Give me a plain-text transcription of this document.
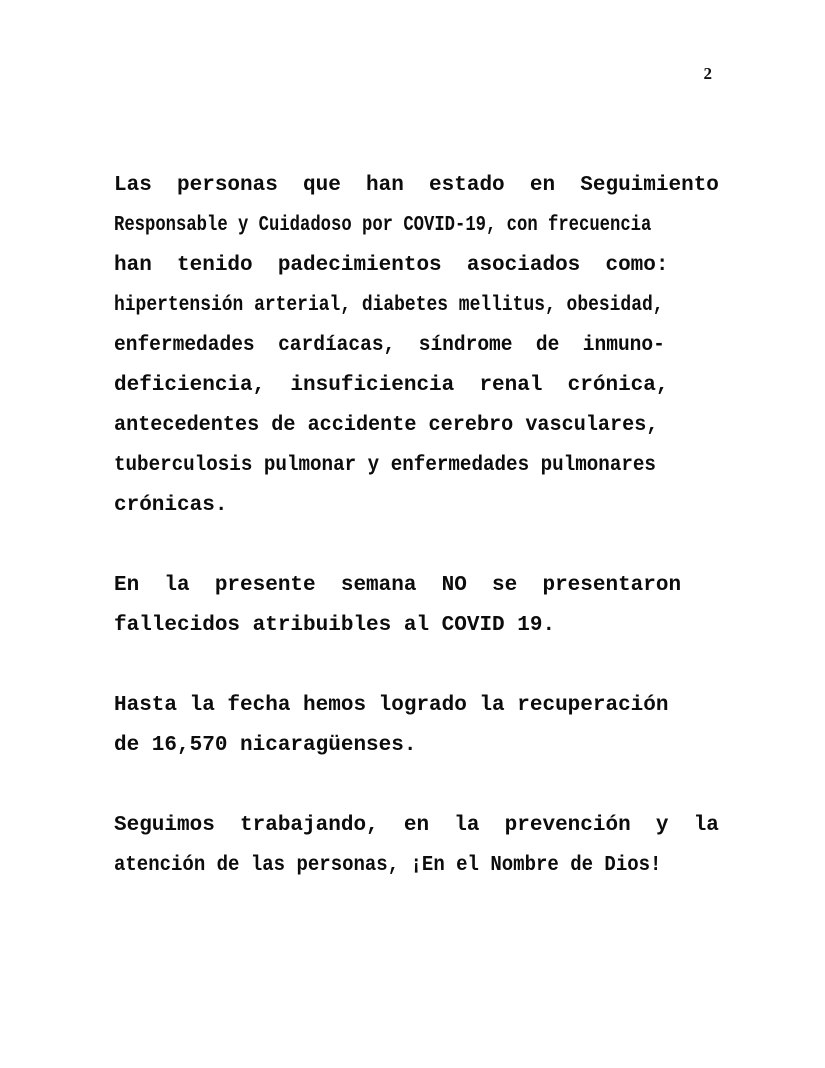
2
Las  personas  que  han  estado  en  Seguimiento
Responsable y Cuidadoso por COVID-19, con frecuencia
han  tenido  padecimientos  asociados  como:
hipertensión arterial, diabetes mellitus, obesidad,
enfermedades  cardíacas,  síndrome  de  inmuno-
deficiencia,  insuficiencia  renal  crónica,
antecedentes de accidente cerebro vasculares,
tuberculosis pulmonar y enfermedades pulmonares
crónicas.
En  la  presente  semana  NO  se  presentaron
fallecidos atribuibles al COVID 19.
Hasta la fecha hemos logrado la recuperación
de 16,570 nicaragüenses.
Seguimos  trabajando,  en  la  prevención  y  la
atención de las personas, ¡En el Nombre de Dios!
